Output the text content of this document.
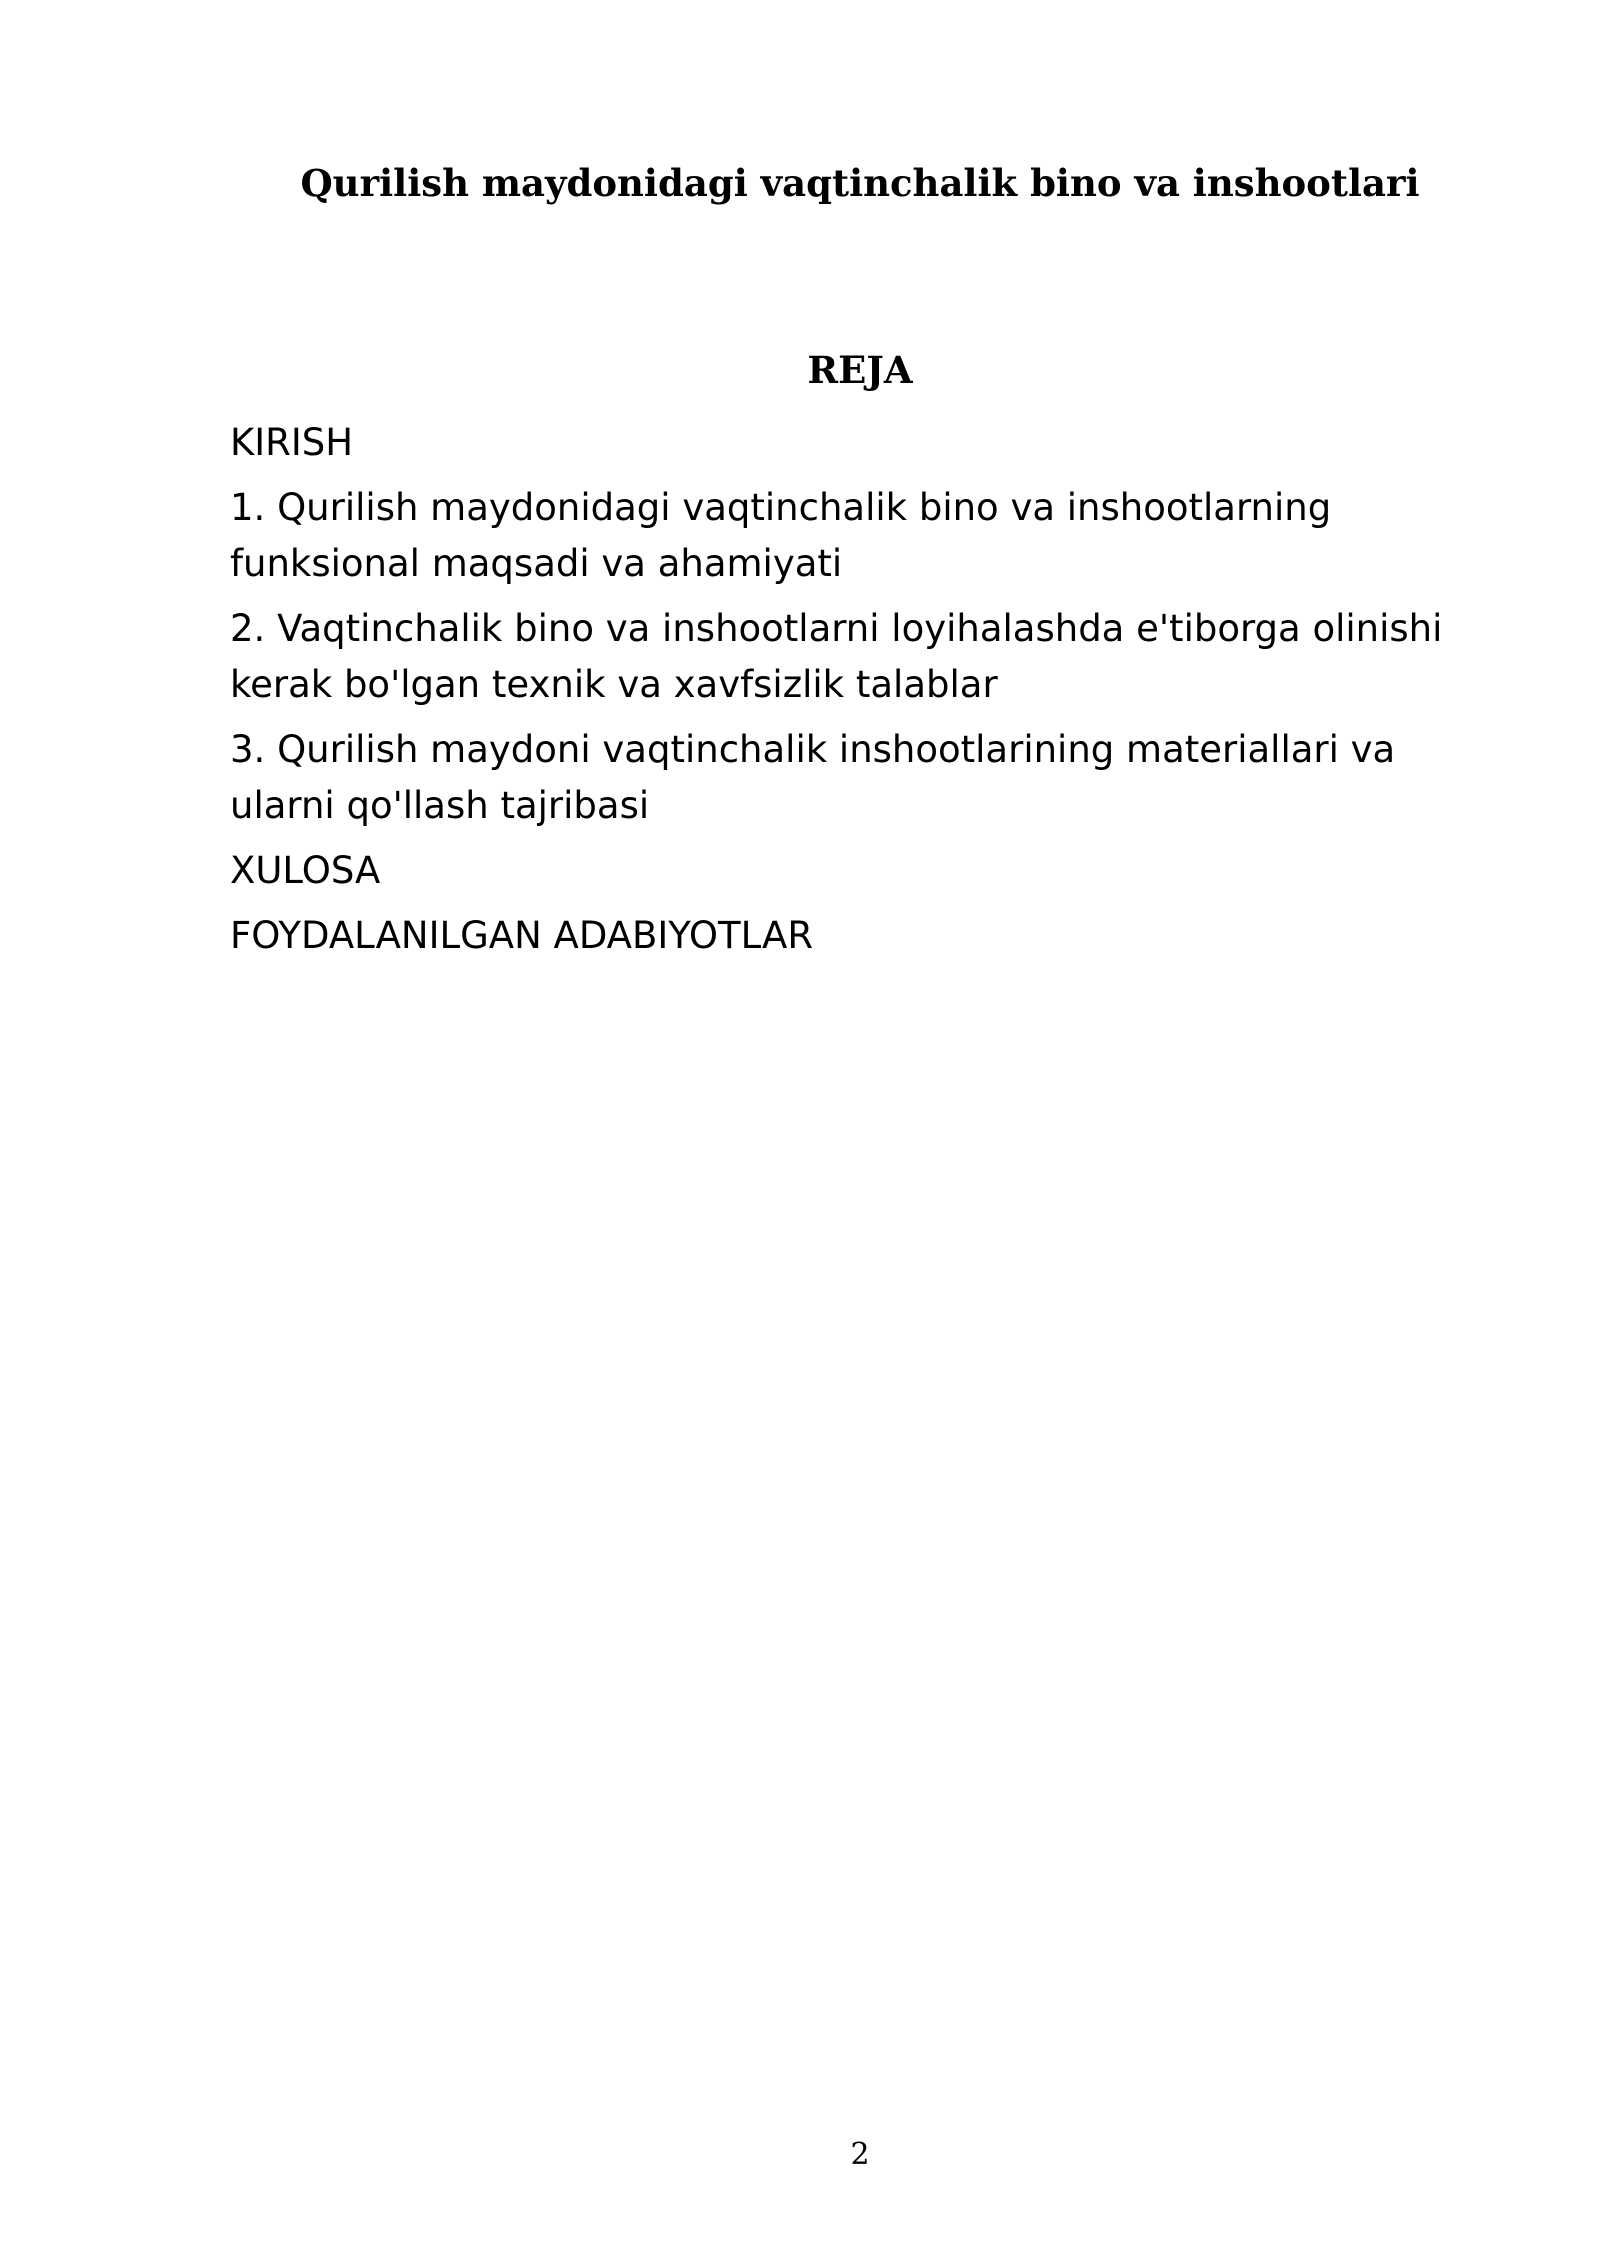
Qurilish maydonidagi vaqtinchalik bino va inshootlari
REJA
KIRISH
1. Qurilish maydonidagi vaqtinchalik bino va inshootlarning funksional maqsadi va ahamiyati
2. Vaqtinchalik bino va inshootlarni loyihalashda e'tiborga olinishi kerak bo'lgan texnik va xavfsizlik talablar
3. Qurilish maydoni vaqtinchalik inshootlarining materiallari va ularni qo'llash tajribasi
XULOSA
FOYDALANILGAN ADABIYOTLAR
2
